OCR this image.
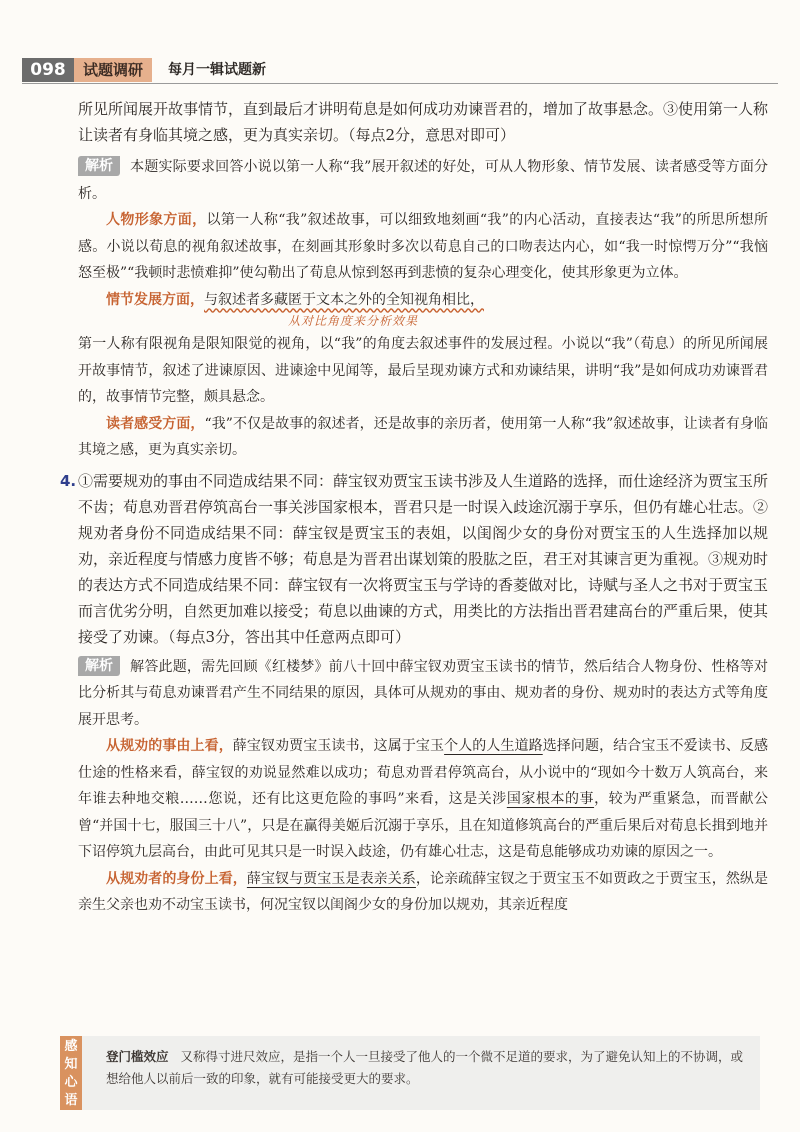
098	试题调研	每月一辑试题新

所见所闻展开故事情节，直到最后才讲明荀息是如何成功劝谏晋君的，增加了故事悬念。③使用第一人称让读者有身临其境之感，更为真实亲切。（每点2分，意思对即可）

解析 本题实际要求回答小说以第一人称“我”展开叙述的好处，可从人物形象、情节发展、读者感受等方面分析。

人物形象方面，以第一人称“我”叙述故事，可以细致地刻画“我”的内心活动，直接表达“我”的所思所想所感。小说以荀息的视角叙述故事，在刻画其形象时多次以荀息自己的口吻表达内心，如“我一时惊愕万分”“我恼怒至极”“我顿时悲愤难抑”使勾勒出了荀息从惊到怒再到悲愤的复杂心理变化，使其形象更为立体。

情节发展方面，与叙述者多藏匿于文本之外的全知视角相比，
从对比角度来分析效果
第一人称有限视角是限知限觉的视角，以“我”的角度去叙述事件的发展过程。小说以“我”（荀息）的所见所闻展开故事情节，叙述了进谏原因、进谏途中见闻等，最后呈现劝谏方式和劝谏结果，讲明“我”是如何成功劝谏晋君的，故事情节完整，颇具悬念。

读者感受方面，“我”不仅是故事的叙述者，还是故事的亲历者，使用第一人称“我”叙述故事，让读者有身临其境之感，更为真实亲切。

4. ①需要规劝的事由不同造成结果不同：薛宝钗劝贾宝玉读书涉及人生道路的选择，而仕途经济为贾宝玉所不齿；荀息劝晋君停筑高台一事关涉国家根本，晋君只是一时误入歧途沉溺于享乐，但仍有雄心壮志。②规劝者身份不同造成结果不同：薛宝钗是贾宝玉的表姐，以闺阁少女的身份对贾宝玉的人生选择加以规劝，亲近程度与情感力度皆不够；荀息是为晋君出谋划策的股肱之臣，君王对其谏言更为重视。③规劝时的表达方式不同造成结果不同：薛宝钗有一次将贾宝玉与学诗的香菱做对比，诗赋与圣人之书对于贾宝玉而言优劣分明，自然更加难以接受；荀息以曲谏的方式，用类比的方法指出晋君建高台的严重后果，使其接受了劝谏。（每点3分，答出其中任意两点即可）

解析 解答此题，需先回顾《红楼梦》前八十回中薛宝钗劝贾宝玉读书的情节，然后结合人物身份、性格等对比分析其与荀息劝谏晋君产生不同结果的原因，具体可从规劝的事由、规劝者的身份、规劝时的表达方式等角度展开思考。

从规劝的事由上看，薛宝钗劝贾宝玉读书，这属于宝玉个人的人生道路选择问题，结合宝玉不爱读书、反感仕途的性格来看，薛宝钗的劝说显然难以成功；荀息劝晋君停筑高台，从小说中的“现如今十数万人筑高台，来年谁去种地交粮……您说，还有比这更危险的事吗”来看，这是关涉国家根本的事，较为严重紧急，而晋献公曾“并国十七，服国三十八”，只是在赢得美姬后沉溺于享乐，且在知道修筑高台的严重后果后对荀息长揖到地并下诏停筑九层高台，由此可见其只是一时误入歧途，仍有雄心壮志，这是荀息能够成功劝谏的原因之一。

从规劝者的身份上看，薛宝钗与贾宝玉是表亲关系，论亲疏薛宝钗之于贾宝玉不如贾政之于贾宝玉，然纵是亲生父亲也劝不动宝玉读书，何况宝钗以闺阁少女的身份加以规劝，其亲近程度

感知心语
登门槛效应 又称得寸进尺效应，是指一个人一旦接受了他人的一个微不足道的要求，为了避免认知上的不协调，或想给他人以前后一致的印象，就有可能接受更大的要求。
